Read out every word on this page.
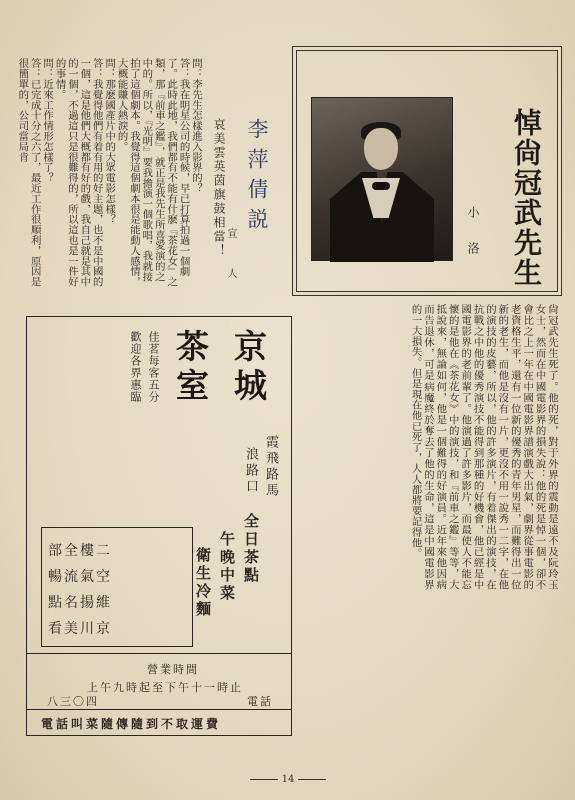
悼尙冠武先生
小　洛
尙冠武先生死了。他的死，對于外界的震動是遠不及阮玲玉女士，然而在中國電影界的損失說：他的死是悼一個，卻不會比之上一年在中國電影界譜演戲大出氣，劇界從事電影的老資格生平，還有一位新的優秀的青年男星，而難得出一位新的老生，而他是沒有一片，更沒不用一說秀一二字，在他的演技的皮藝，所以，他的許多演片，有着傑出的演技，在抗戰之中他的優秀演技不能得到那種的好機會，他已經是中國電影界的老前輩了。他演過了許多影片，而最使人不能忘懷的是他在《茶花女》中的演技，和『前車之鑑』等等，大抵說來，無論如何，他是一個難得的好演員。近年來他因病而告退休，可是病魔終於奪去了他的生命，這是中國電影界的一大損失。但是現在他已死了，人人都將要記得他。
問：李先生怎樣進入影界的？
答：我在明星公司的時候，早已打算拍過一個劇了。此時此地，我們都有不能有什麽『茶花女』之類，那『前車之鑑』，就正是我先生所喜愛演的之中的。所以，『光明』要我擔演一個歌唱，我就接拍了這個劇本。我覺得這個劇本很是能動人感情，大概能賺人熱淚的。
問：那麽國產片中的大眾電影怎樣？
答：我覺得他們有着有用的好主題，也不是中國的一個，這是他們大概都有好的戲，我自己就是其中的一個，不過這只是很難得的，所以這也是一件好的事情。
問：近來工作情形怎樣了？
答：已完成十分之六了，最近工作很順利，原因是很簡單的，公司當局肯
李萍倩説
哀美雲英茵旗鼓相當！ 宣　人
京城
茶室
佳茗每客五分
歡迎各界惠臨
霞飛路馬
浪路口
全日茶點
午晚中菜
衛生冷麵
部全樓二
暢流氣空
點名揚維
看美川京
營業時間
上午九時起至下午十一時止
電話
八三〇四
電話叫菜隨傳隨到不取運費
14
